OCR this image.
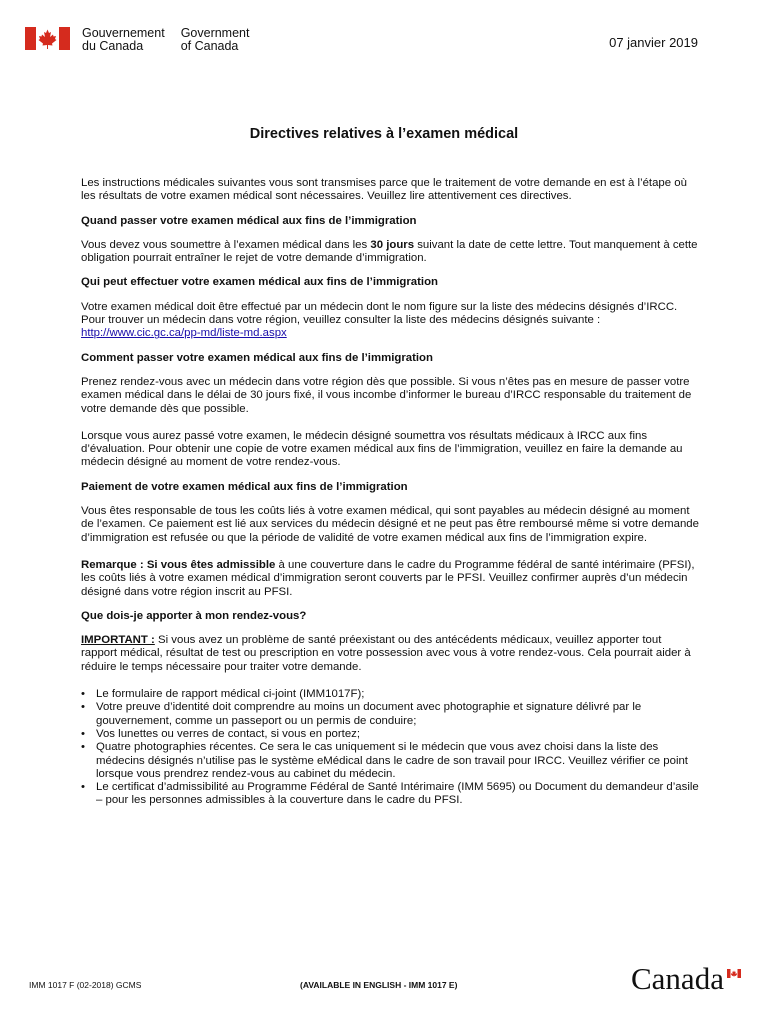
Gouvernement
du Canada
Government
of Canada	07 janvier 2019
Directives relatives à l’examen médical

Les instructions médicales suivantes vous sont transmises parce que le traitement de votre demande en est à l’étape où les résultats de votre examen médical sont nécessaires. Veuillez lire attentivement ces directives.

Quand passer votre examen médical aux fins de l’immigration

Vous devez vous soumettre à l’examen médical dans les 30 jours suivant la date de cette lettre. Tout manquement à cette obligation pourrait entraîner le rejet de votre demande d’immigration.

Qui peut effectuer votre examen médical aux fins de l’immigration

Votre examen médical doit être effectué par un médecin dont le nom figure sur la liste des médecins désignés d’IRCC. Pour trouver un médecin dans votre région, veuillez consulter la liste des médecins désignés suivante :
http://www.cic.gc.ca/pp-md/liste-md.aspx

Comment passer votre examen médical aux fins de l’immigration

Prenez rendez-vous avec un médecin dans votre région dès que possible. Si vous n’êtes pas en mesure de passer votre examen médical dans le délai de 30 jours fixé, il vous incombe d’informer le bureau d’IRCC responsable du traitement de votre demande dès que possible.

Lorsque vous aurez passé votre examen, le médecin désigné soumettra vos résultats médicaux à IRCC aux fins d’évaluation. Pour obtenir une copie de votre examen médical aux fins de l’immigration, veuillez en faire la demande au médecin désigné au moment de votre rendez-vous.

Paiement de votre examen médical aux fins de l’immigration

Vous êtes responsable de tous les coûts liés à votre examen médical, qui sont payables au médecin désigné au moment de l’examen. Ce paiement est lié aux services du médecin désigné et ne peut pas être remboursé même si votre demande d’immigration est refusée ou que la période de validité de votre examen médical aux fins de l’immigration expire.

Remarque : Si vous êtes admissible à une couverture dans le cadre du Programme fédéral de santé intérimaire (PFSI), les coûts liés à votre examen médical d’immigration seront couverts par le PFSI. Veuillez confirmer auprès d’un médecin désigné dans votre région inscrit au PFSI.

Que dois-je apporter à mon rendez-vous?

IMPORTANT : Si vous avez un problème de santé préexistant ou des antécédents médicaux, veuillez apporter tout rapport médical, résultat de test ou prescription en votre possession avec vous à votre rendez-vous. Cela pourrait aider à réduire le temps nécessaire pour traiter votre demande.

• Le formulaire de rapport médical ci-joint (IMM1017F);
• Votre preuve d’identité doit comprendre au moins un document avec photographie et signature délivré par le gouvernement, comme un passeport ou un permis de conduire;
• Vos lunettes ou verres de contact, si vous en portez;
• Quatre photographies récentes. Ce sera le cas uniquement si le médecin que vous avez choisi dans la liste des médecins désignés n’utilise pas le système eMédical dans le cadre de son travail pour IRCC. Veuillez vérifier ce point lorsque vous prendrez rendez-vous au cabinet du médecin.
• Le certificat d’admissibilité au Programme Fédéral de Santé Intérimaire (IMM 5695) ou Document du demandeur d’asile – pour les personnes admissibles à la couverture dans le cadre du PFSI.
IMM 1017 F (02-2018) GCMS	(AVAILABLE IN ENGLISH - IMM 1017 E)	Canada
